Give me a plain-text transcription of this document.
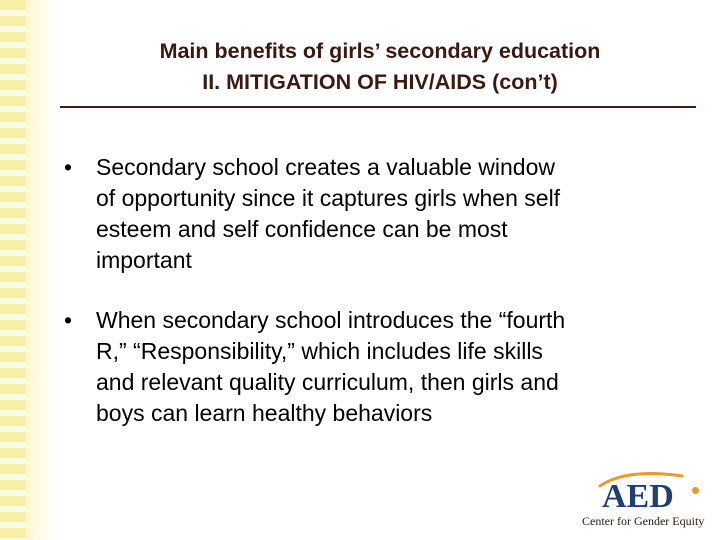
Main benefits of girls’ secondary education
II. MITIGATION OF HIV/AIDS (con’t)
•	Secondary school creates a valuable window
of opportunity since it captures girls when self
esteem and self confidence can be most
important
•	When secondary school introduces the “fourth
R,” “Responsibility,” which includes life skills
and relevant quality curriculum, then girls and
boys can learn healthy behaviors
AED
Center for Gender Equity
